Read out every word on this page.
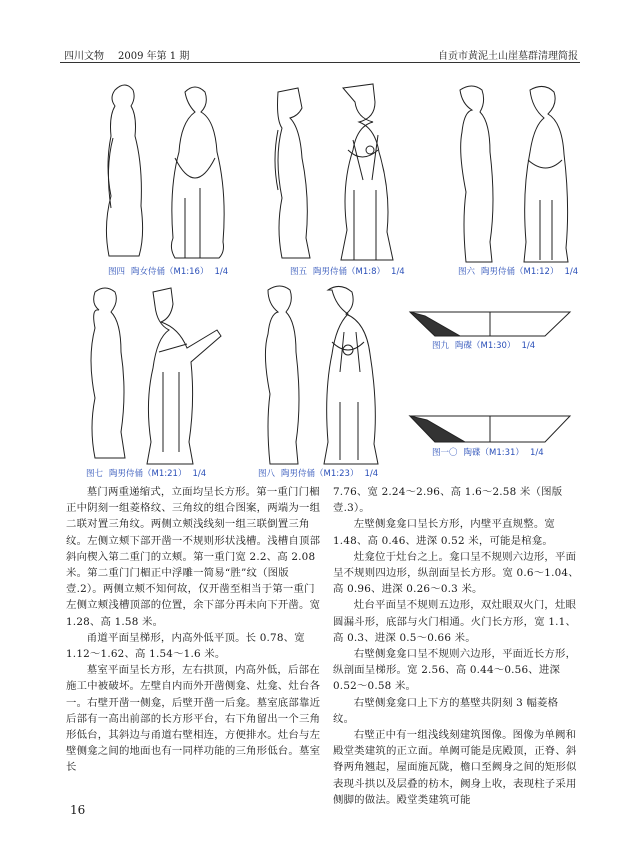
四川文物 2009 年第 1 期	自贡市黄泥土山崖墓群清理简报
图四 陶女侍俑（M1:16） 1/4	图五 陶男侍俑（M1:8） 1/4	图六 陶男侍俑（M1:12） 1/4
图七 陶男侍俑（M1:21） 1/4	图八 陶男侍俑（M1:23） 1/4
图九 陶碟（M1:30） 1/4
图一〇 陶碟（M1:31） 1/4

墓门两重递缩式，立面均呈长方形。第一重门门楣正中阴刻一组菱格纹、三角纹的组合图案，两端为一组二联对置三角纹。两侧立颊浅线刻一组三联倒置三角纹。左侧立颊下部开凿一不规则形状浅槽。浅槽自顶部斜向楔入第二重门的立颊。第一重门宽 2.2、高 2.08 米。第二重门门楣正中浮雕一简易“胜”纹（图版壹.2）。两侧立颊不知何故，仅开凿至相当于第一重门左侧立颊浅槽顶部的位置，余下部分再未向下开凿。宽 1.28、高 1.58 米。

甬道平面呈梯形，内高外低平顶。长 0.78、宽 1.12～1.62、高 1.54～1.6 米。

墓室平面呈长方形，左右拱顶，内高外低，后部在施工中被破坏。左壁自内而外开凿侧龛、灶龛、灶台各一。右壁开凿一侧龛，后壁开凿一后龛。墓室底部靠近后部有一高出前部的长方形平台，右下角留出一个三角形低台，其斜边与甬道右壁相连，方便排水。灶台与左壁侧龛之间的地面也有一同样功能的三角形低台。墓室长

7.76、宽 2.24～2.96、高 1.6～2.58 米（图版壹.3）。

左壁侧龛龛口呈长方形，内壁平直规整。宽 1.48、高 0.46、进深 0.52 米，可能是棺龛。

灶龛位于灶台之上。龛口呈不规则六边形，平面呈不规则四边形，纵剖面呈长方形。宽 0.6～1.04、高 0.96、进深 0.26～0.3 米。

灶台平面呈不规则五边形，双灶眼双火门，灶眼圆漏斗形，底部与火门相通。火门长方形，宽 1.1、高 0.3、进深 0.5～0.66 米。

右壁侧龛龛口呈不规则六边形，平面近长方形，纵剖面呈梯形。宽 2.56、高 0.44～0.56、进深 0.52～0.58 米。

右壁侧龛龛口上下方的墓壁共阴刻 3 幅菱格纹。

右壁正中有一组浅线刻建筑图像。图像为单阙和殿堂类建筑的正立面。单阙可能是庑殿顶，正脊、斜脊两角翘起，屋面施瓦陇，檐口至阙身之间的矩形似表现斗拱以及层叠的枋木，阙身上收，表现柱子采用侧脚的做法。殿堂类建筑可能

16
